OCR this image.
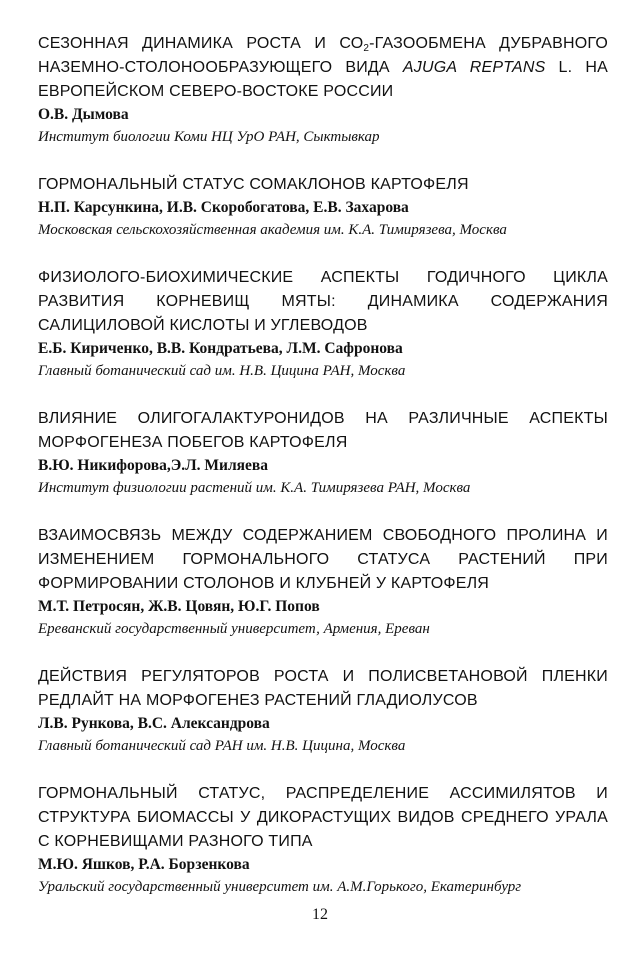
СЕЗОННАЯ ДИНАМИКА РОСТА И $СО_2$-ГАЗООБМЕНА ДУБРАВНОГО НАЗЕМНО-СТОЛОНООБРАЗУЮЩЕГО ВИДА AJUGA REPTANS L. НА ЕВРОПЕЙСКОМ СЕВЕРО-ВОСТОКЕ РОССИИ
О.В. Дымова
Институт биологии Коми НЦ УрО РАН, Сыктывкар
ГОРМОНАЛЬНЫЙ СТАТУС СОМАКЛОНОВ КАРТОФЕЛЯ
Н.П. Карсункина, И.В. Скоробогатова, Е.В. Захарова
Московская сельскохозяйственная академия им. К.А. Тимирязева, Москва
ФИЗИОЛОГО-БИОХИМИЧЕСКИЕ АСПЕКТЫ ГОДИЧНОГО ЦИКЛА РАЗВИТИЯ КОРНЕВИЩ МЯТЫ: ДИНАМИКА СОДЕРЖАНИЯ САЛИЦИЛОВОЙ КИСЛОТЫ И УГЛЕВОДОВ
Е.Б. Кириченко, В.В. Кондратьева, Л.М. Сафронова
Главный ботанический сад им. Н.В. Цицина РАН, Москва
ВЛИЯНИЕ ОЛИГОГАЛАКТУРОНИДОВ НА РАЗЛИЧНЫЕ АСПЕКТЫ МОРФОГЕНЕЗА ПОБЕГОВ КАРТОФЕЛЯ
В.Ю. Никифорова,Э.Л. Миляева
Институт физиологии растений им. К.А. Тимирязева РАН, Москва
ВЗАИМОСВЯЗЬ МЕЖДУ СОДЕРЖАНИЕМ СВОБОДНОГО ПРОЛИНА И ИЗМЕНЕНИЕМ ГОРМОНАЛЬНОГО СТАТУСА РАСТЕНИЙ ПРИ ФОРМИРОВАНИИ СТОЛОНОВ И КЛУБНЕЙ У КАРТОФЕЛЯ
М.Т. Петросян, Ж.В. Цовян, Ю.Г. Попов
Ереванский государственный университет, Армения, Ереван
ДЕЙСТВИЯ РЕГУЛЯТОРОВ РОСТА И ПОЛИСВЕТАНОВОЙ ПЛЕНКИ РЕДЛАЙТ НА МОРФОГЕНЕЗ РАСТЕНИЙ ГЛАДИОЛУСОВ
Л.В. Рункова, В.С. Александрова
Главный ботанический сад РАН им. Н.В. Цицина, Москва
ГОРМОНАЛЬНЫЙ СТАТУС, РАСПРЕДЕЛЕНИЕ АССИМИЛЯТОВ И СТРУКТУРА БИОМАССЫ У ДИКОРАСТУЩИХ ВИДОВ СРЕДНЕГО УРАЛА С КОРНЕВИЩАМИ РАЗНОГО ТИПА
М.Ю. Яшков, Р.А. Борзенкова
Уральский государственный университет им. А.М.Горького, Екатеринбург
12
